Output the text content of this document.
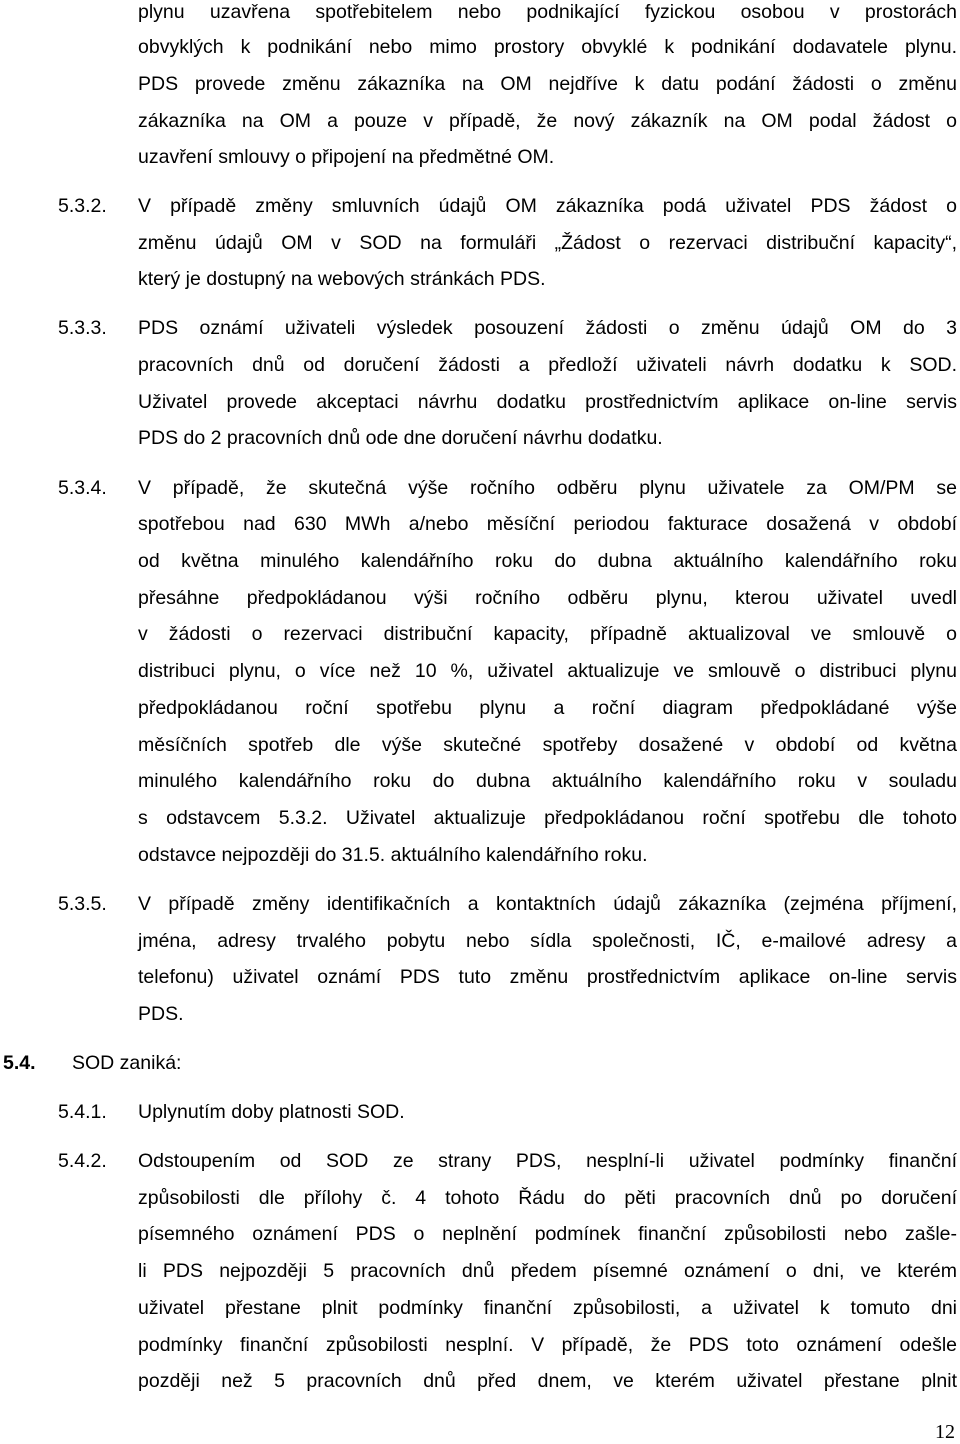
plynu uzavřena spotřebitelem nebo podnikající fyzickou osobou v prostorách
obvyklých k podnikání nebo mimo prostory obvyklé k podnikání dodavatele plynu.
PDS provede změnu zákazníka na OM nejdříve k datu podání žádosti o změnu
zákazníka na OM a pouze v případě, že nový zákazník na OM podal žádost o
uzavření smlouvy o připojení na předmětné OM.
5.3.2. V případě změny smluvních údajů OM zákazníka podá uživatel PDS žádost o
změnu údajů OM v SOD na formuláři „Žádost o rezervaci distribuční kapacity“,
který je dostupný na webových stránkách PDS.
5.3.3. PDS oznámí uživateli výsledek posouzení žádosti o změnu údajů OM do 3
pracovních dnů od doručení žádosti a předloží uživateli návrh dodatku k SOD.
Uživatel provede akceptaci návrhu dodatku prostřednictvím aplikace on-line servis
PDS do 2 pracovních dnů ode dne doručení návrhu dodatku.
5.3.4. V případě, že skutečná výše ročního odběru plynu uživatele za OM/PM se
spotřebou nad 630 MWh a/nebo měsíční periodou fakturace dosažená v období
od května minulého kalendářního roku do dubna aktuálního kalendářního roku
přesáhne předpokládanou výši ročního odběru plynu, kterou uživatel uvedl
v žádosti o rezervaci distribuční kapacity, případně aktualizoval ve smlouvě o
distribuci plynu, o více než 10 %, uživatel aktualizuje ve smlouvě o distribuci plynu
předpokládanou roční spotřebu plynu a roční diagram předpokládané výše
měsíčních spotřeb dle výše skutečné spotřeby dosažené v období od května
minulého kalendářního roku do dubna aktuálního kalendářního roku v souladu
s odstavcem 5.3.2. Uživatel aktualizuje předpokládanou roční spotřebu dle tohoto
odstavce nejpozději do 31.5. aktuálního kalendářního roku.
5.3.5. V případě změny identifikačních a kontaktních údajů zákazníka (zejména příjmení,
jména, adresy trvalého pobytu nebo sídla společnosti, IČ, e-mailové adresy a
telefonu) uživatel oznámí PDS tuto změnu prostřednictvím aplikace on-line servis
PDS.
5.4. SOD zaniká:
5.4.1. Uplynutím doby platnosti SOD.
5.4.2. Odstoupením od SOD ze strany PDS, nesplní-li uživatel podmínky finanční
způsobilosti dle přílohy č. 4 tohoto Řádu do pěti pracovních dnů po doručení
písemného oznámení PDS o neplnění podmínek finanční způsobilosti nebo zašle-
li PDS nejpozději 5 pracovních dnů předem písemné oznámení o dni, ve kterém
uživatel přestane plnit podmínky finanční způsobilosti, a uživatel k tomuto dni
podmínky finanční způsobilosti nesplní. V případě, že PDS toto oznámení odešle
později než 5 pracovních dnů před dnem, ve kterém uživatel přestane plnit
12
